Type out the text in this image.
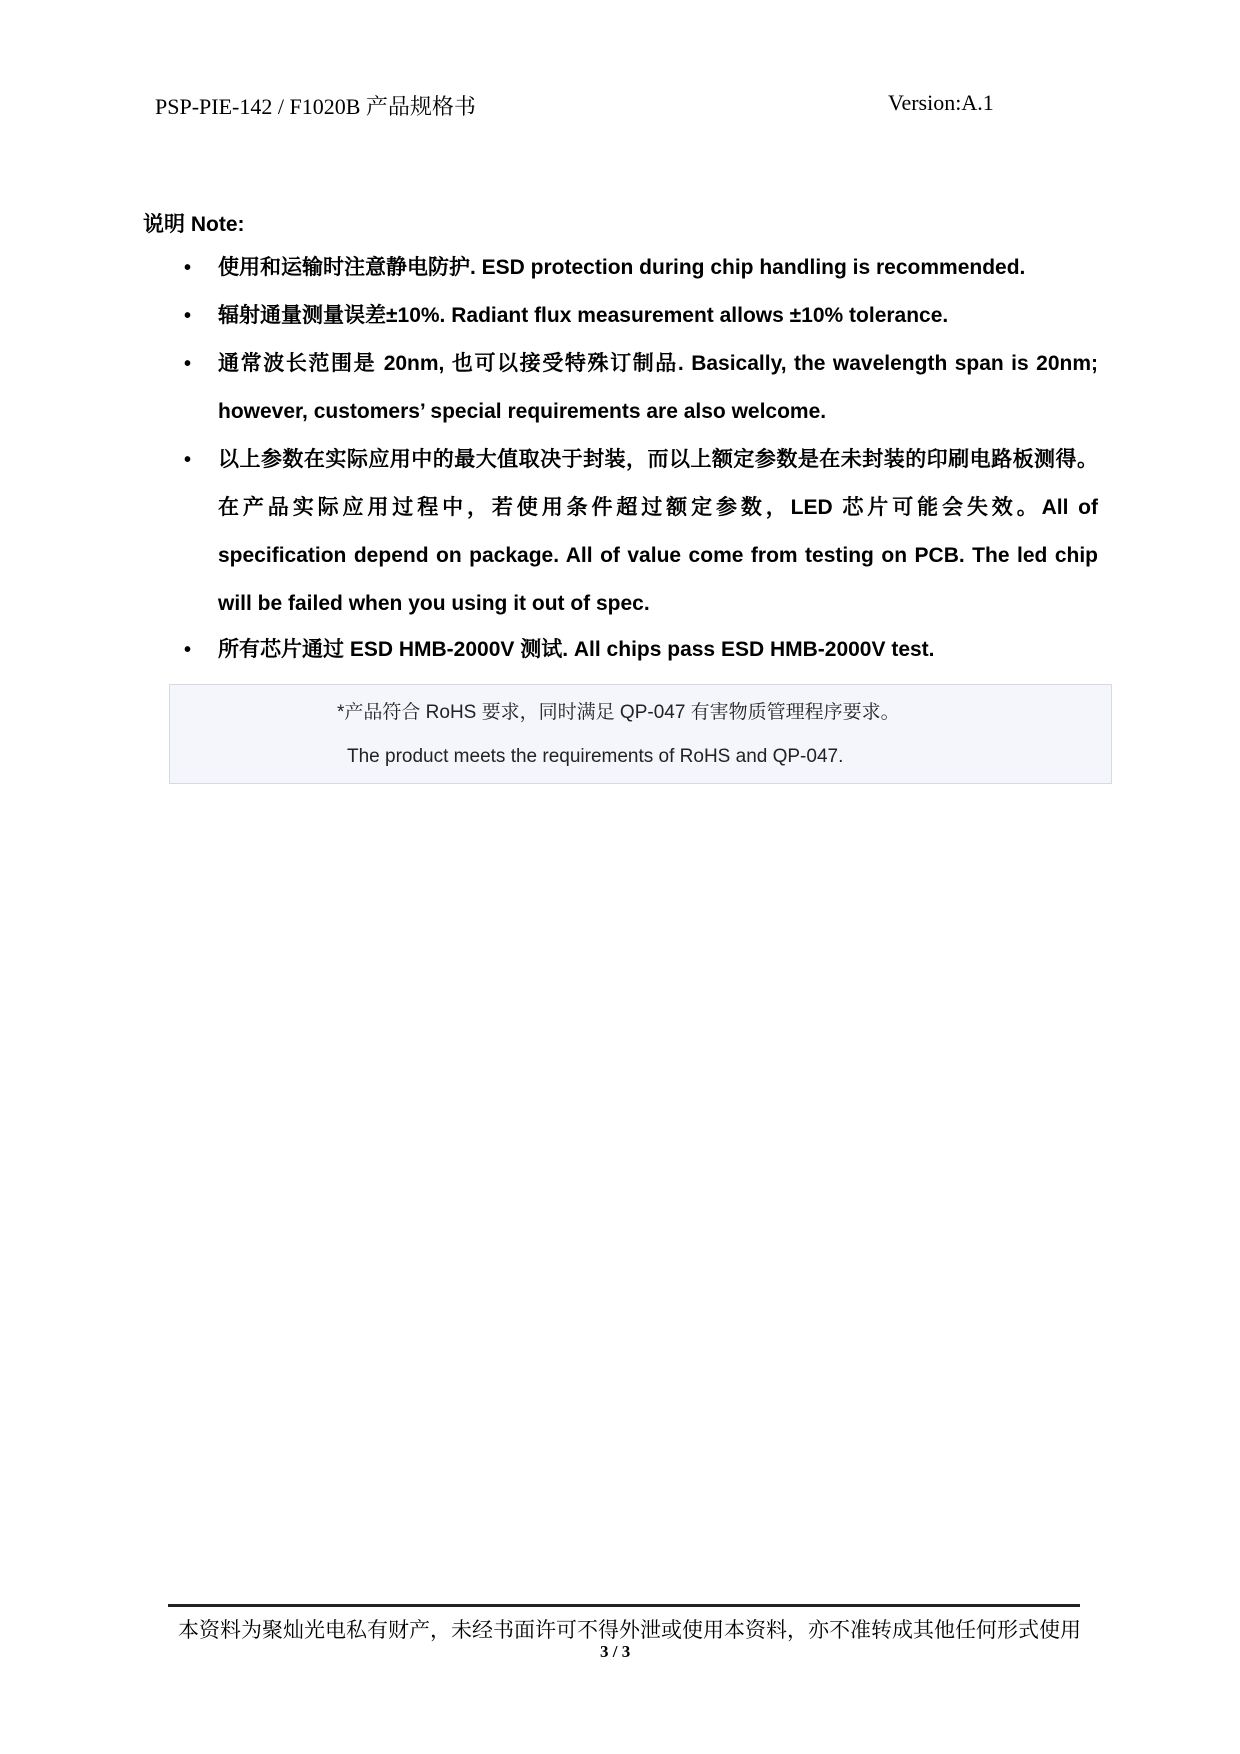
PSP-PIE-142 / F1020B 产品规格书	Version:A.1
说明 Note:
• 使用和运输时注意静电防护. ESD protection during chip handling is recommended.
• 辐射通量测量误差±10%. Radiant flux measurement allows ±10% tolerance.
• 通常波长范围是 20nm, 也可以接受特殊订制品. Basically, the wavelength span is 20nm; however, customers’ special requirements are also welcome.
• 以上参数在实际应用中的最大值取决于封装，而以上额定参数是在未封装的印刷电路板测得。在产品实际应用过程中，若使用条件超过额定参数，LED 芯片可能会失效。All of specification depend on package. All of value come from testing on PCB. The led chip will be failed when you using it out of spec.
• 所有芯片通过 ESD HMB-2000V 测试. All chips pass ESD HMB-2000V test.
*产品符合 RoHS 要求，同时满足 QP-047 有害物质管理程序要求。
The product meets the requirements of RoHS and QP-047.
本资料为聚灿光电私有财产，未经书面许可不得外泄或使用本资料，亦不准转成其他任何形式使用
3 / 3
